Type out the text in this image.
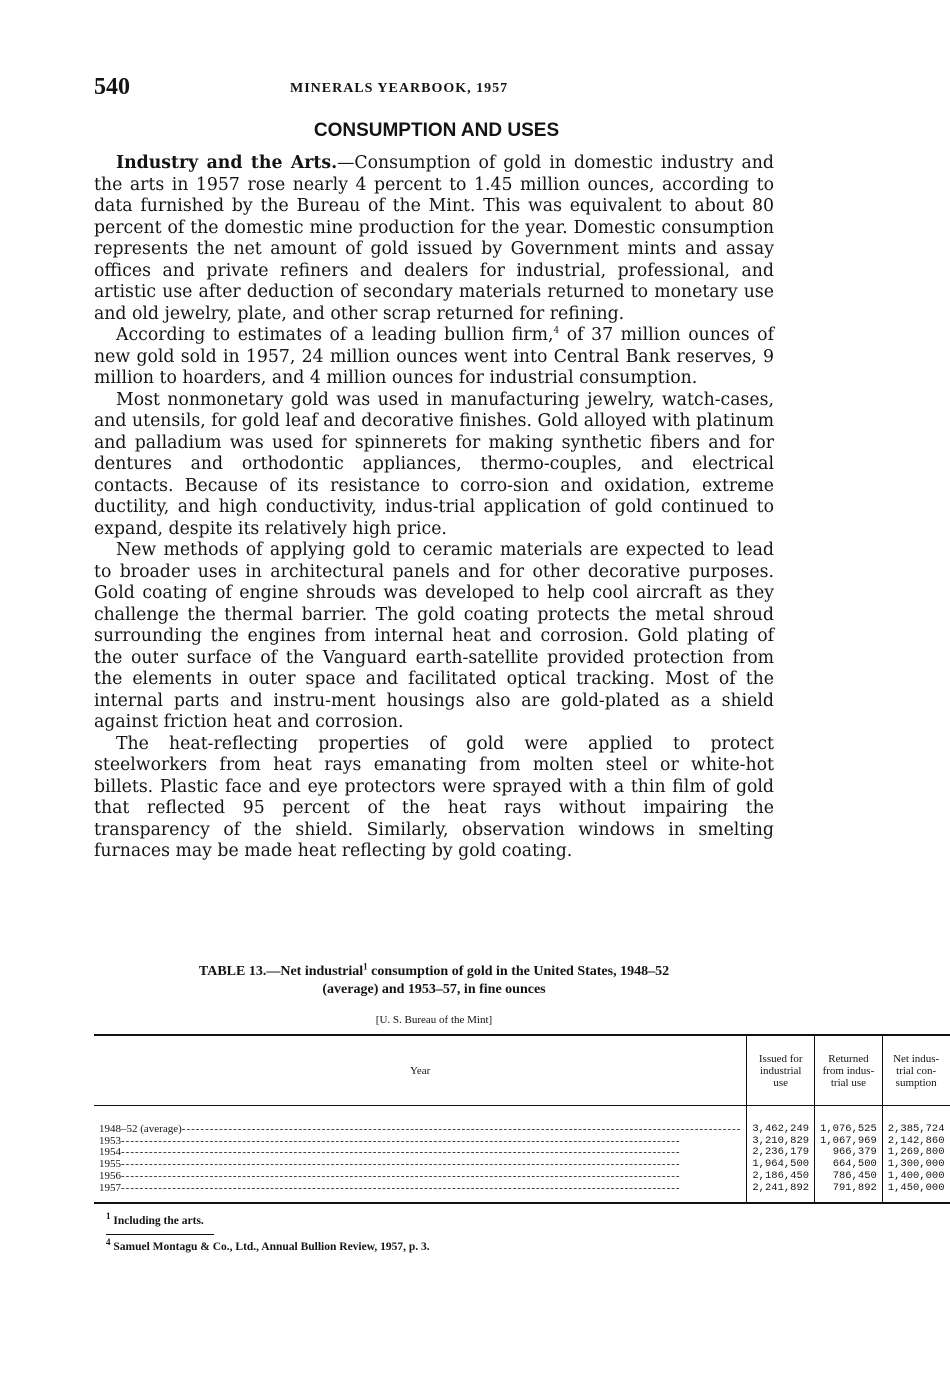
540	MINERALS YEARBOOK, 1957
CONSUMPTION AND USES

Industry and the Arts.—Consumption of gold in domestic industry and the arts in 1957 rose nearly 4 percent to 1.45 million ounces, according to data furnished by the Bureau of the Mint. This was equivalent to about 80 percent of the domestic mine production for the year. Domestic consumption represents the net amount of gold issued by Government mints and assay offices and private refiners and dealers for industrial, professional, and artistic use after deduction of secondary materials returned to monetary use and old jewelry, plate, and other scrap returned for refining.

According to estimates of a leading bullion firm,$^4$ of 37 million ounces of new gold sold in 1957, 24 million ounces went into Central Bank reserves, 9 million to hoarders, and 4 million ounces for industrial consumption.

Most nonmonetary gold was used in manufacturing jewelry, watch-cases, and utensils, for gold leaf and decorative finishes. Gold alloyed with platinum and palladium was used for spinnerets for making synthetic fibers and for dentures and orthodontic appliances, thermo-couples, and electrical contacts. Because of its resistance to corro-sion and oxidation, extreme ductility, and high conductivity, indus-trial application of gold continued to expand, despite its relatively high price.

New methods of applying gold to ceramic materials are expected to lead to broader uses in architectural panels and for other decorative purposes. Gold coating of engine shrouds was developed to help cool aircraft as they challenge the thermal barrier. The gold coating protects the metal shroud surrounding the engines from internal heat and corrosion. Gold plating of the outer surface of the Vanguard earth-satellite provided protection from the elements in outer space and facilitated optical tracking. Most of the internal parts and instru-ment housings also are gold-plated as a shield against friction heat and corrosion.

The heat-reflecting properties of gold were applied to protect steelworkers from heat rays emanating from molten steel or white-hot billets. Plastic face and eye protectors were sprayed with a thin film of gold that reflected 95 percent of the heat rays without impairing the transparency of the shield. Similarly, observation windows in smelting furnaces may be made heat reflecting by gold coating.

TABLE 13.—Net industrial$^1$ consumption of gold in the United States, 1948–52
(average) and 1953–57, in fine ounces
[U. S. Bureau of the Mint]
Year	Issued for industrial use	Returned from indus-trial use	Net indus-trial con-sumption
1948–52 (average)------------------------------------------------------------------------------------------------------------------------	3,462,249	1,076,525	2,385,724
1953------------------------------------------------------------------------------------------------------------------------	3,210,829	1,067,969	2,142,860
1954------------------------------------------------------------------------------------------------------------------------	2,236,179	966,379	1,269,800
1955------------------------------------------------------------------------------------------------------------------------	1,964,500	664,500	1,300,000
1956------------------------------------------------------------------------------------------------------------------------	2,186,450	786,450	1,400,000
1957------------------------------------------------------------------------------------------------------------------------	2,241,892	791,892	1,450,000
$^1$ Including the arts.
$^4$ Samuel Montagu & Co., Ltd., Annual Bullion Review, 1957, p. 3.
